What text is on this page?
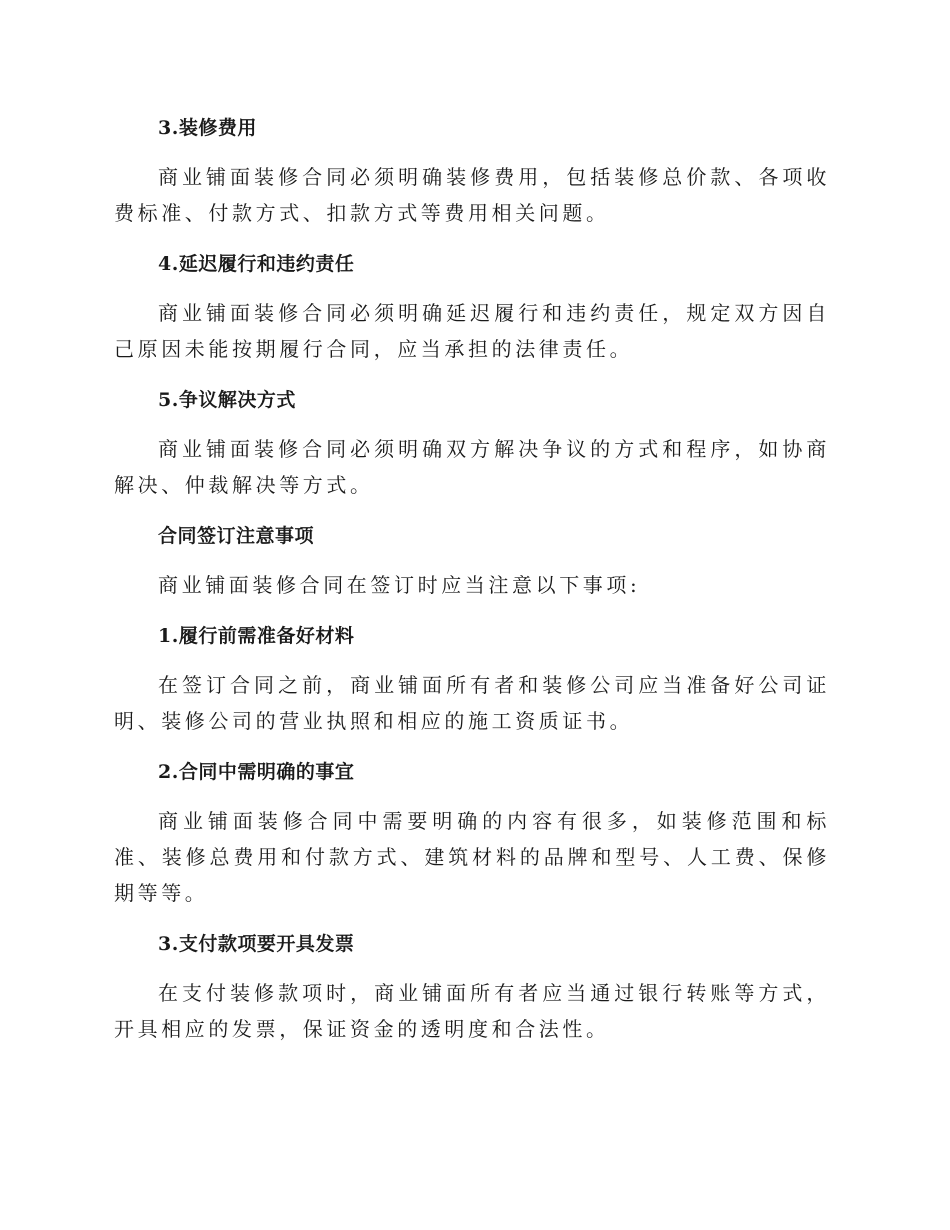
3.装修费用

商业铺面装修合同必须明确装修费用，包括装修总价款、各项收费标准、付款方式、扣款方式等费用相关问题。

4.延迟履行和违约责任

商业铺面装修合同必须明确延迟履行和违约责任，规定双方因自己原因未能按期履行合同，应当承担的法律责任。

5.争议解决方式

商业铺面装修合同必须明确双方解决争议的方式和程序，如协商解决、仲裁解决等方式。

合同签订注意事项

商业铺面装修合同在签订时应当注意以下事项:

1.履行前需准备好材料

在签订合同之前，商业铺面所有者和装修公司应当准备好公司证明、装修公司的营业执照和相应的施工资质证书。

2.合同中需明确的事宜

商业铺面装修合同中需要明确的内容有很多，如装修范围和标准、装修总费用和付款方式、建筑材料的品牌和型号、人工费、保修期等等。

3.支付款项要开具发票

在支付装修款项时，商业铺面所有者应当通过银行转账等方式，开具相应的发票，保证资金的透明度和合法性。
